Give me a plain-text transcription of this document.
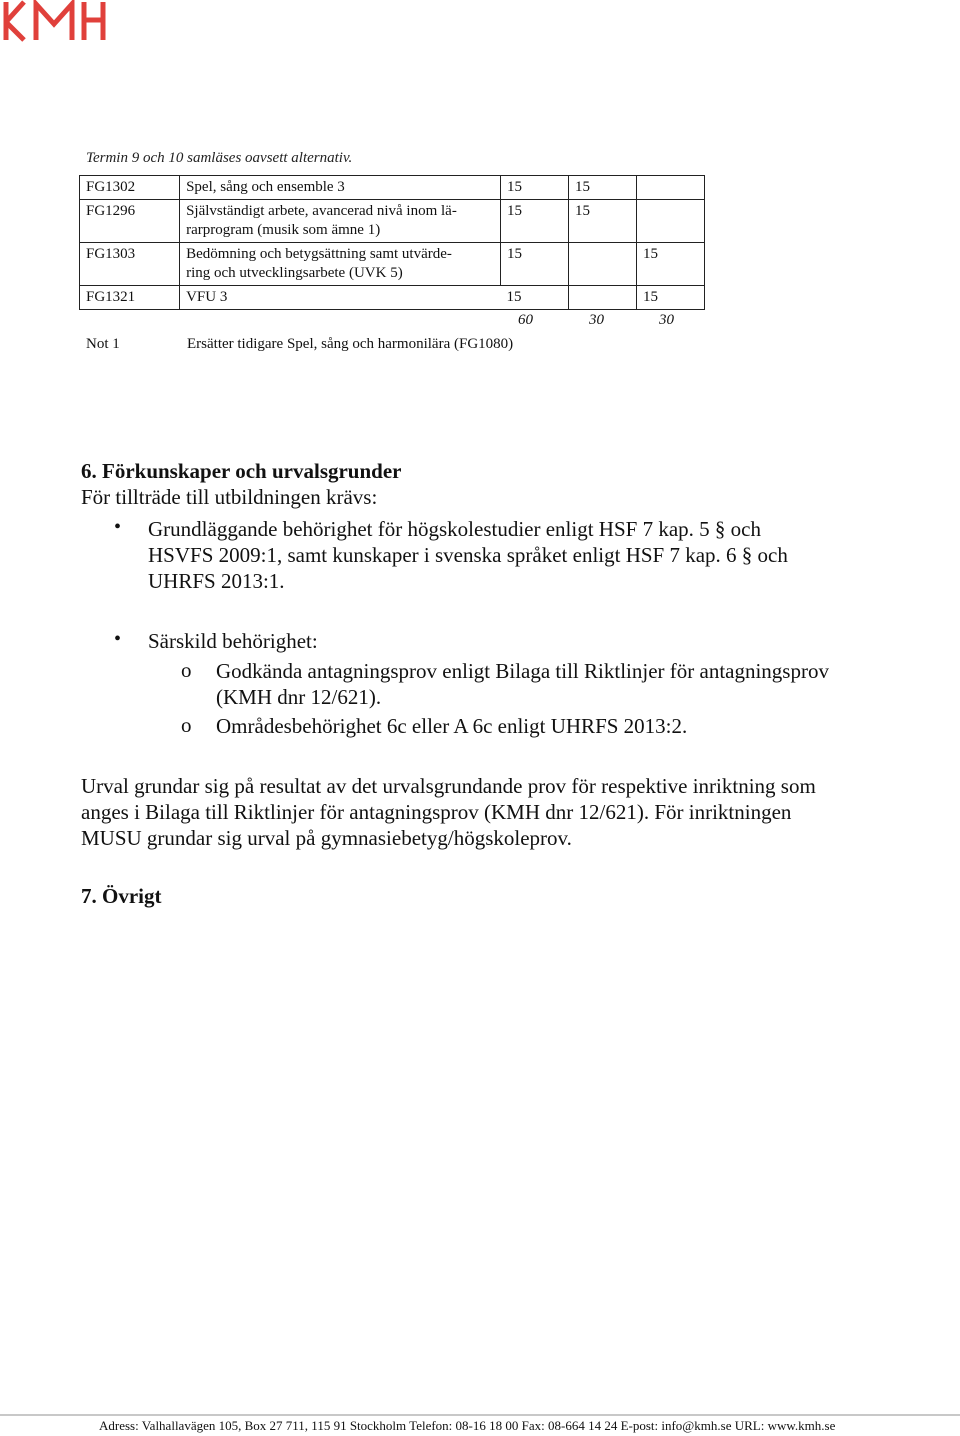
Termin 9 och 10 samläses oavsett alternativ.
FG1302	Spel, sång och ensemble 3	15	15	
FG1296	Självständigt arbete, avancerad nivå inom lä-
rarprogram (musik som ämne 1)	15	15	
FG1303	Bedömning och betygsättning samt utvärde-
ring och utvecklingsarbete (UVK 5)	15		15
FG1321	VFU 3	15		15
60	30	30
Not 1	Ersätter tidigare Spel, sång och harmonilära (FG1080)
6. Förkunskaper och urvalsgrunder
För tillträde till utbildningen krävs:
• Grundläggande behörighet för högskolestudier enligt HSF 7 kap. 5 § och
HSVFS 2009:1, samt kunskaper i svenska språket enligt HSF 7 kap. 6 § och
UHRFS 2013:1.
• Särskild behörighet:
o Godkända antagningsprov enligt Bilaga till Riktlinjer för antagningsprov
(KMH dnr 12/621).
o Områdesbehörighet 6c eller A 6c enligt UHRFS 2013:2.
Urval grundar sig på resultat av det urvalsgrundande prov för respektive inriktning som
anges i Bilaga till Riktlinjer för antagningsprov (KMH dnr 12/621). För inriktningen
MUSU grundar sig urval på gymnasiebetyg/högskoleprov.
7. Övrigt
Adress: Valhallavägen 105, Box 27 711, 115 91 Stockholm Telefon: 08-16 18 00 Fax: 08-664 14 24 E-post: info@kmh.se URL: www.kmh.se
